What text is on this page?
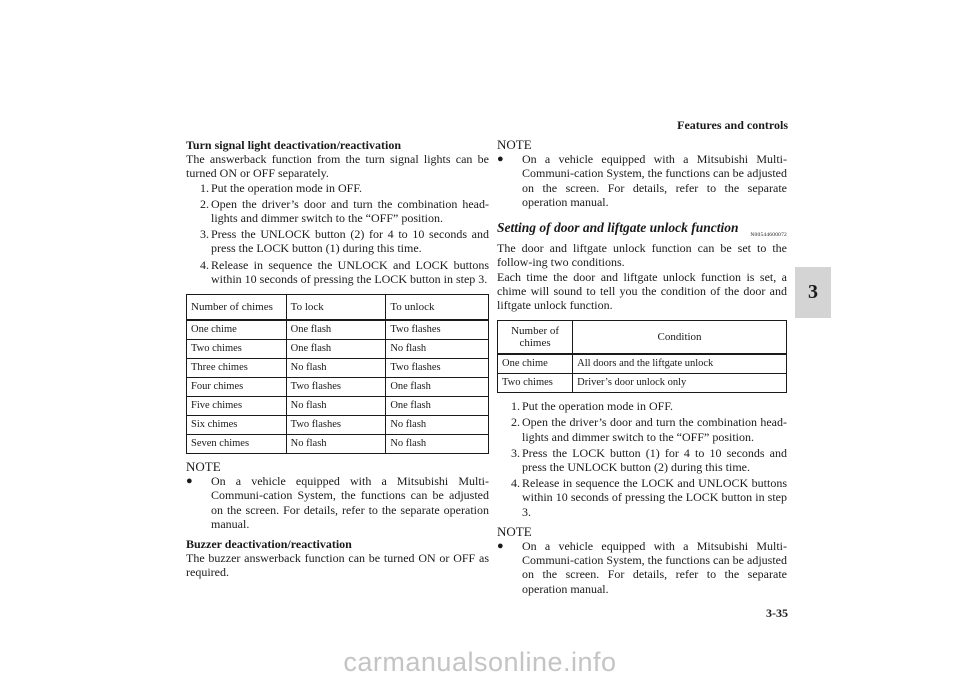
Features and controls
3

Turn signal light deactivation/reactivation

The answerback function from the turn signal lights can be turned ON or OFF separately.

1. Put the operation mode in OFF.
2. Open the driver’s door and turn the combination head-lights and dimmer switch to the “OFF” position.
3. Press the UNLOCK button (2) for 4 to 10 seconds and press the LOCK button (1) during this time.
4. Release in sequence the UNLOCK and LOCK buttons within 10 seconds of pressing the LOCK button in step 3.
Number of chimes	To lock	To unlock
One chime	One flash	Two flashes
Two chimes	One flash	No flash
Three chimes	No flash	Two flashes
Four chimes	Two flashes	One flash
Five chimes	No flash	One flash
Six chimes	Two flashes	No flash
Seven chimes	No flash	No flash
NOTE
● On a vehicle equipped with a Mitsubishi Multi-Communi-cation System, the functions can be adjusted on the screen. For details, refer to the separate operation manual.

Buzzer deactivation/reactivation

The buzzer answerback function can be turned ON or OFF as required.

NOTE
● On a vehicle equipped with a Mitsubishi Multi-Communi-cation System, the functions can be adjusted on the screen. For details, refer to the separate operation manual.
Setting of door and liftgate unlock function N00544600072

The door and liftgate unlock function can be set to the follow-ing two conditions.

Each time the door and liftgate unlock function is set, a chime will sound to tell you the condition of the door and liftgate unlock function.

Number of chimes	Condition
One chime	All doors and the liftgate unlock
Two chimes	Driver’s door unlock only
1. Put the operation mode in OFF.
2. Open the driver’s door and turn the combination head-lights and dimmer switch to the “OFF” position.
3. Press the LOCK button (1) for 4 to 10 seconds and press the UNLOCK button (2) during this time.
4. Release in sequence the LOCK and UNLOCK buttons within 10 seconds of pressing the LOCK button in step 3.
NOTE
● On a vehicle equipped with a Mitsubishi Multi-Communi-cation System, the functions can be adjusted on the screen. For details, refer to the separate operation manual.
3-35
carmanualsonline.info
